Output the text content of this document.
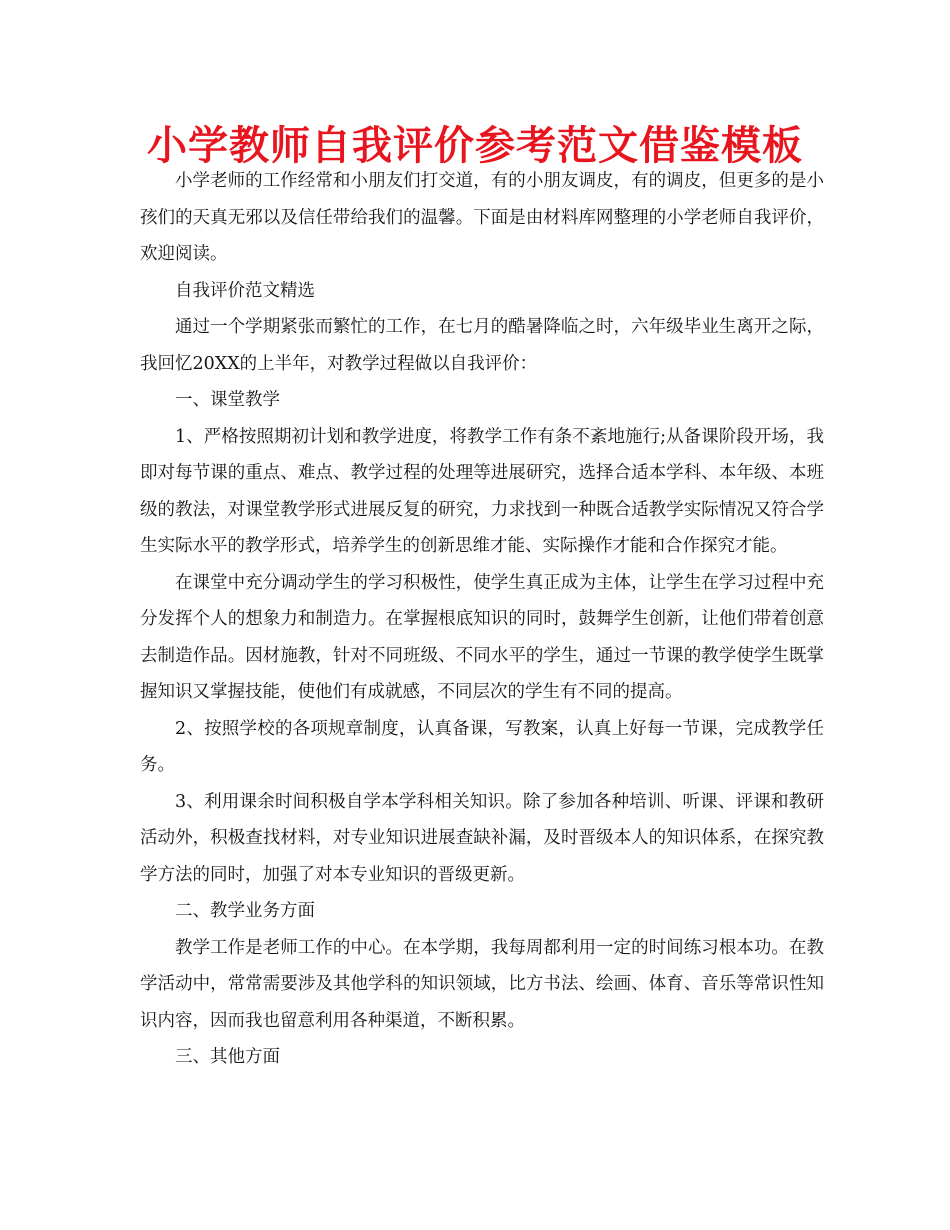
小学教师自我评价参考范文借鉴模板

小学老师的工作经常和小朋友们打交道，有的小朋友调皮，有的调皮，但更多的是小孩们的天真无邪以及信任带给我们的温馨。下面是由材料库网整理的小学老师自我评价，欢迎阅读。

自我评价范文精选

通过一个学期紧张而繁忙的工作，在七月的酷暑降临之时，六年级毕业生离开之际，我回忆20XX的上半年，对教学过程做以自我评价：

一、课堂教学

1、严格按照期初计划和教学进度，将教学工作有条不紊地施行;从备课阶段开场，我即对每节课的重点、难点、教学过程的处理等进展研究，选择合适本学科、本年级、本班级的教法，对课堂教学形式进展反复的研究，力求找到一种既合适教学实际情况又符合学生实际水平的教学形式，培养学生的创新思维才能、实际操作才能和合作探究才能。

在课堂中充分调动学生的学习积极性，使学生真正成为主体，让学生在学习过程中充分发挥个人的想象力和制造力。在掌握根底知识的同时，鼓舞学生创新，让他们带着创意去制造作品。因材施教，针对不同班级、不同水平的学生，通过一节课的教学使学生既掌握知识又掌握技能，使他们有成就感，不同层次的学生有不同的提高。

2、按照学校的各项规章制度，认真备课，写教案，认真上好每一节课，完成教学任务。

3、利用课余时间积极自学本学科相关知识。除了参加各种培训、听课、评课和教研活动外，积极查找材料，对专业知识进展查缺补漏，及时晋级本人的知识体系，在探究教学方法的同时，加强了对本专业知识的晋级更新。

二、教学业务方面

教学工作是老师工作的中心。在本学期，我每周都利用一定的时间练习根本功。在教学活动中，常常需要涉及其他学科的知识领域，比方书法、绘画、体育、音乐等常识性知识内容，因而我也留意利用各种渠道，不断积累。

三、其他方面
